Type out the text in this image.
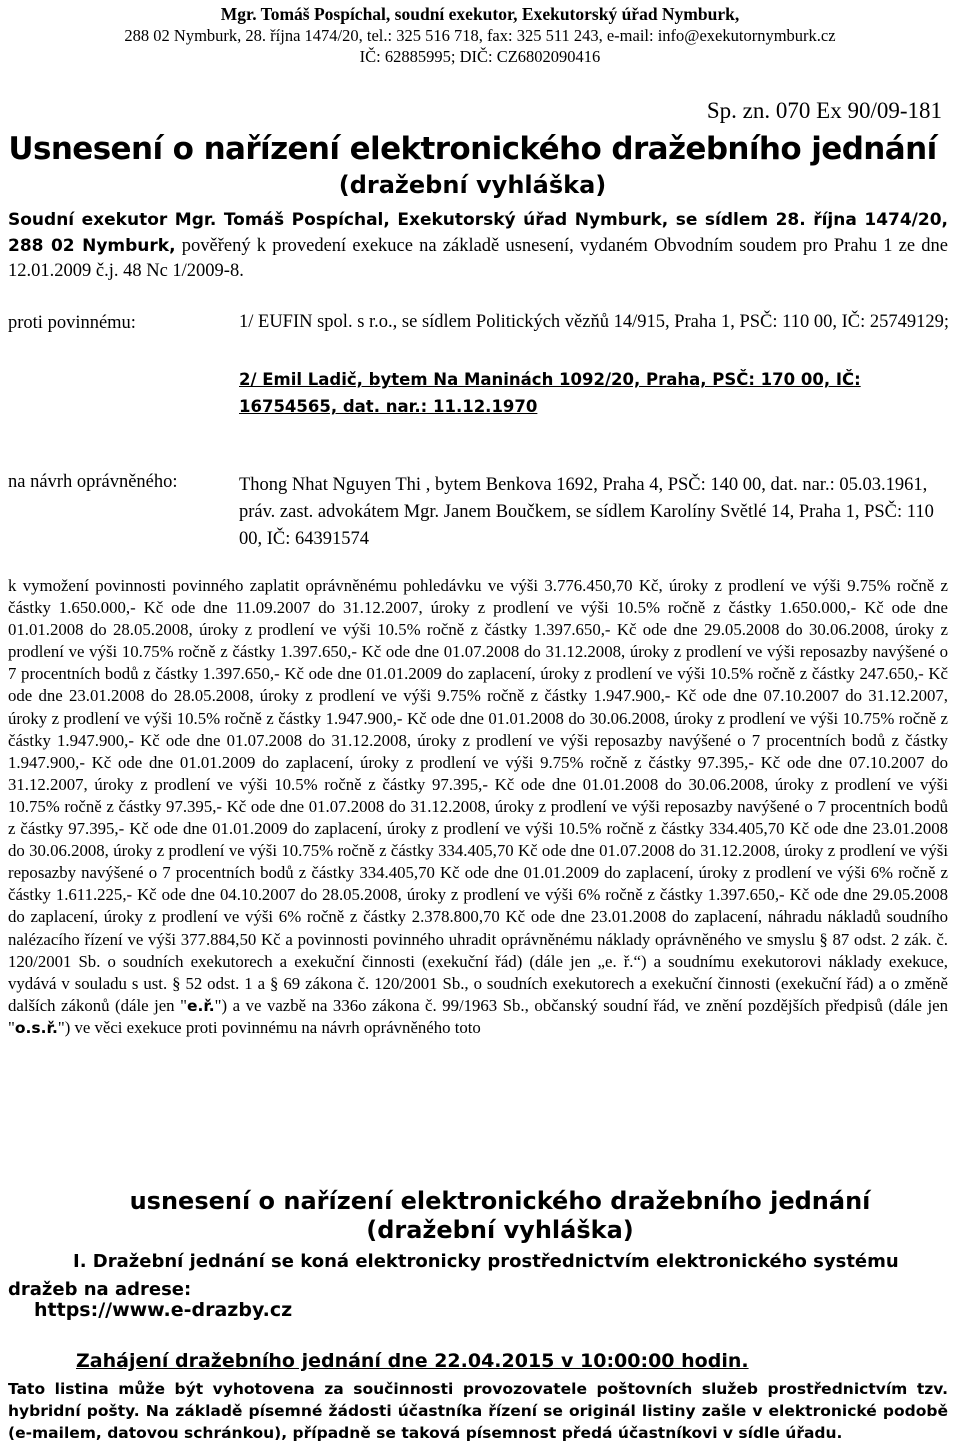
Mgr. Tomáš Pospíchal, soudní exekutor, Exekutorský úřad Nymburk,
288 02 Nymburk, 28. října 1474/20, tel.: 325 516 718, fax: 325 511 243, e-mail: info@exekutornymburk.cz
IČ: 62885995; DIČ: CZ6802090416
Sp. zn. 070 Ex 90/09-181
Usnesení o nařízení elektronického dražebního jednání
(dražební vyhláška)
Soudní exekutor Mgr. Tomáš Pospíchal, Exekutorský úřad Nymburk, se sídlem 28. října 1474/20, 288 02 Nymburk, pověřený k provedení exekuce na základě usnesení, vydaném Obvodním soudem pro Prahu 1 ze dne 12.01.2009 č.j. 48 Nc 1/2009-8.
proti povinnému:	1/ EUFIN spol. s r.o., se sídlem Politických vězňů 14/915, Praha 1, PSČ: 110 00, IČ: 25749129;
2/ Emil Ladič, bytem Na Maninách 1092/20, Praha, PSČ: 170 00, IČ: 16754565, dat. nar.: 11.12.1970
na návrh oprávněného:	Thong Nhat Nguyen Thi , bytem Benkova 1692, Praha 4, PSČ: 140 00, dat. nar.: 05.03.1961, práv. zast. advokátem Mgr. Janem Boučkem, se sídlem Karolíny Světlé 14, Praha 1, PSČ: 110 00, IČ: 64391574
k vymožení povinnosti povinného zaplatit oprávněnému pohledávku ve výši 3.776.450,70 Kč, úroky z prodlení ve výši 9.75% ročně z částky 1.650.000,- Kč ode dne 11.09.2007 do 31.12.2007, úroky z prodlení ve výši 10.5% ročně z částky 1.650.000,- Kč ode dne 01.01.2008 do 28.05.2008, úroky z prodlení ve výši 10.5% ročně z částky 1.397.650,- Kč ode dne 29.05.2008 do 30.06.2008, úroky z prodlení ve výši 10.75% ročně z částky 1.397.650,- Kč ode dne 01.07.2008 do 31.12.2008, úroky z prodlení ve výši reposazby navýšené o 7 procentních bodů z částky 1.397.650,- Kč ode dne 01.01.2009 do zaplacení, úroky z prodlení ve výši 10.5% ročně z částky 247.650,- Kč ode dne 23.01.2008 do 28.05.2008, úroky z prodlení ve výši 9.75% ročně z částky 1.947.900,- Kč ode dne 07.10.2007 do 31.12.2007, úroky z prodlení ve výši 10.5% ročně z částky 1.947.900,- Kč ode dne 01.01.2008 do 30.06.2008, úroky z prodlení ve výši 10.75% ročně z částky 1.947.900,- Kč ode dne 01.07.2008 do 31.12.2008, úroky z prodlení ve výši reposazby navýšené o 7 procentních bodů z částky 1.947.900,- Kč ode dne 01.01.2009 do zaplacení, úroky z prodlení ve výši 9.75% ročně z částky 97.395,- Kč ode dne 07.10.2007 do 31.12.2007, úroky z prodlení ve výši 10.5% ročně z částky 97.395,- Kč ode dne 01.01.2008 do 30.06.2008, úroky z prodlení ve výši 10.75% ročně z částky 97.395,- Kč ode dne 01.07.2008 do 31.12.2008, úroky z prodlení ve výši reposazby navýšené o 7 procentních bodů z částky 97.395,- Kč ode dne 01.01.2009 do zaplacení, úroky z prodlení ve výši 10.5% ročně z částky 334.405,70 Kč ode dne 23.01.2008 do 30.06.2008, úroky z prodlení ve výši 10.75% ročně z částky 334.405,70 Kč ode dne 01.07.2008 do 31.12.2008, úroky z prodlení ve výši reposazby navýšené o 7 procentních bodů z částky 334.405,70 Kč ode dne 01.01.2009 do zaplacení, úroky z prodlení ve výši 6% ročně z částky 1.611.225,- Kč ode dne 04.10.2007 do 28.05.2008, úroky z prodlení ve výši 6% ročně z částky 1.397.650,- Kč ode dne 29.05.2008 do zaplacení, úroky z prodlení ve výši 6% ročně z částky 2.378.800,70 Kč ode dne 23.01.2008 do zaplacení, náhradu nákladů soudního nalézacího řízení ve výši 377.884,50 Kč a povinnosti povinného uhradit oprávněnému náklady oprávněného ve smyslu § 87 odst. 2 zák. č. 120/2001 Sb. o soudních exekutorech a exekuční činnosti (exekuční řád) (dále jen „e. ř.“) a soudnímu exekutorovi náklady exekuce, vydává v souladu s ust. § 52 odst. 1 a § 69 zákona č. 120/2001 Sb., o soudních exekutorech a exekuční činnosti (exekuční řád) a o změně dalších zákonů (dále jen "e.ř.") a ve vazbě na 336o zákona č. 99/1963 Sb., občanský soudní řád, ve znění pozdějších předpisů (dále jen "o.s.ř.") ve věci exekuce proti povinnému na návrh oprávněného toto
usnesení o nařízení elektronického dražebního jednání
(dražební vyhláška)
I. Dražební jednání se koná elektronicky prostřednictvím elektronického systému dražeb na adrese:
https://www.e-drazby.cz
Zahájení dražebního jednání dne 22.04.2015 v 10:00:00 hodin.
Tato listina může být vyhotovena za součinnosti provozovatele poštovních služeb prostřednictvím tzv. hybridní pošty. Na základě písemné žádosti účastníka řízení se originál listiny zašle v elektronické podobě (e-mailem, datovou schránkou), případně se taková písemnost předá účastníkovi v sídle úřadu.
